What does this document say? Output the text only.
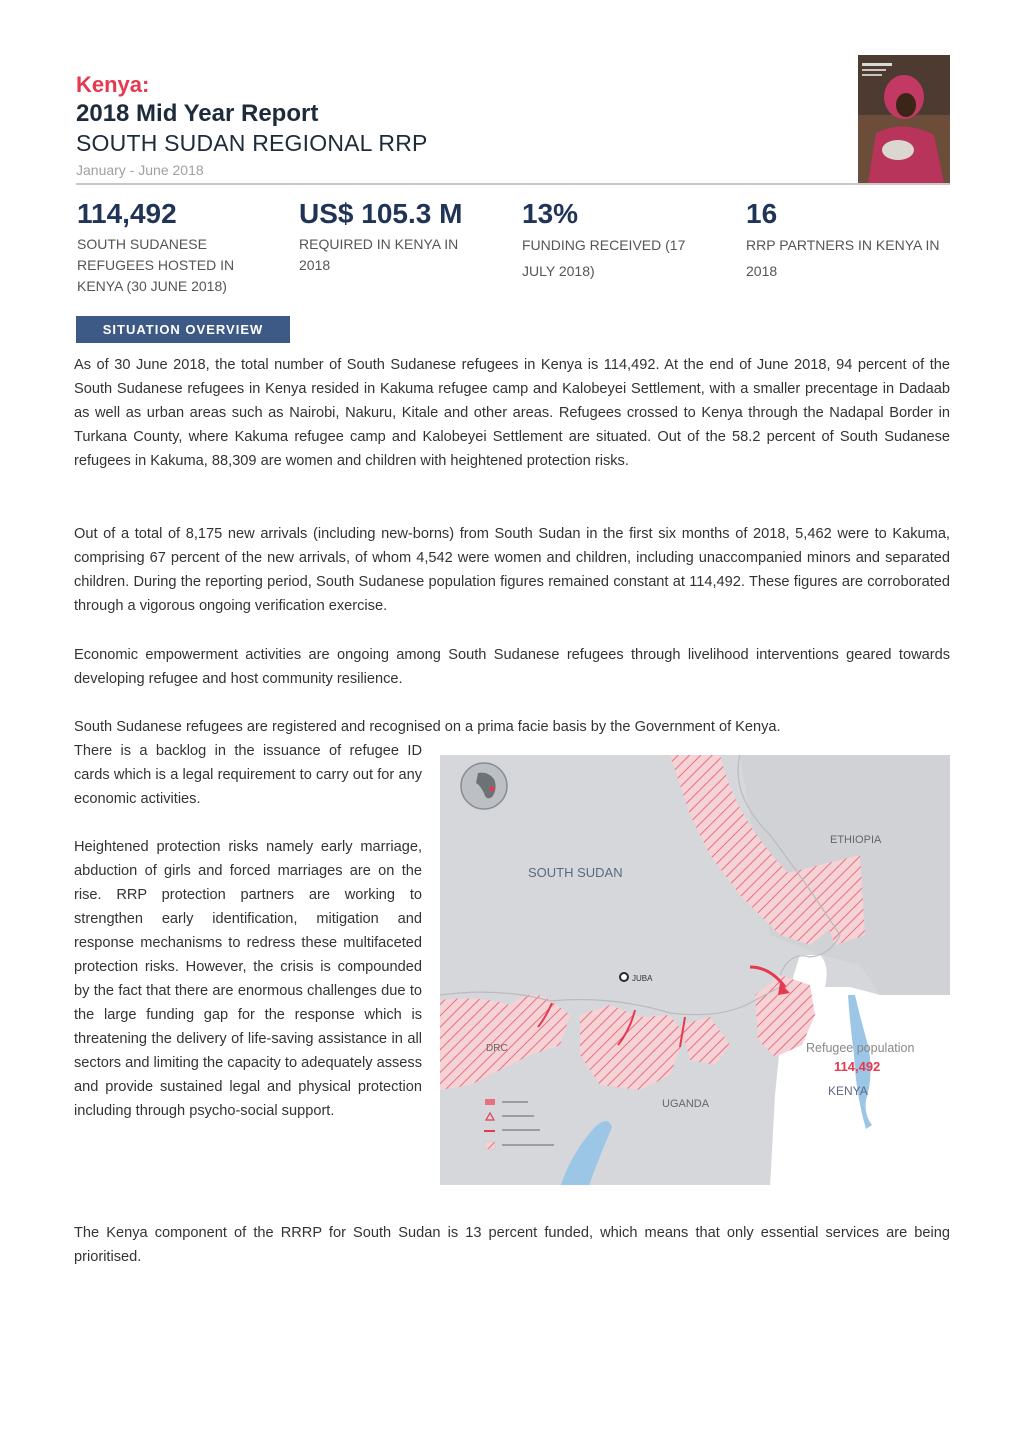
Kenya:
2018 Mid Year Report
SOUTH SUDAN REGIONAL RRP
January - June 2018
114,492
SOUTH SUDANESE REFUGEES HOSTED IN KENYA (30 JUNE 2018)
US$ 105.3 M
REQUIRED IN KENYA IN 2018
13%
FUNDING RECEIVED (17 JULY 2018)
16
RRP PARTNERS IN KENYA IN 2018
SITUATION OVERVIEW

As of 30 June 2018, the total number of South Sudanese refugees in Kenya is 114,492. At the end of June 2018, 94 percent of the South Sudanese refugees in Kenya resided in Kakuma refugee camp and Kalobeyei Settlement, with a smaller precentage in Dadaab as well as urban areas such as Nairobi, Nakuru, Kitale and other areas. Refugees crossed to Kenya through the Nadapal Border in Turkana County, where Kakuma refugee camp and Kalobeyei Settlement are situated. Out of the 58.2 percent of South Sudanese refugees in Kakuma, 88,309 are women and children with heightened protection risks.

Out of a total of 8,175 new arrivals (including new-borns) from South Sudan in the first six months of 2018, 5,462 were to Kakuma, comprising 67 percent of the new arrivals, of whom 4,542 were women and children, including unaccompanied minors and separated children. During the reporting period, South Sudanese population figures remained constant at 114,492. These figures are corroborated through a vigorous ongoing verification exercise.

Economic empowerment activities are ongoing among South Sudanese refugees through livelihood interventions geared towards developing refugee and host community resilience.

South Sudanese refugees are registered and recognised on a prima facie basis by the Government of Kenya.

There is a backlog in the issuance of refugee ID cards which is a legal requirement to carry out for any economic activities.

Heightened protection risks namely early marriage, abduction of girls and forced marriages are on the rise. RRP protection partners are working to strengthen early identification, mitigation and response mechanisms to redress these multifaceted protection risks. However, the crisis is compounded by the fact that there are enormous challenges due to the large funding gap for the response which is threatening the delivery of life-saving assistance in all sectors and limiting the capacity to adequately assess and provide sustained legal and physical protection including through psycho-social support.

The Kenya component of the RRRP for South Sudan is 13 percent funded, which means that only essential services are being prioritised.

JUBA
ETHIOPIA
SOUTH SUDAN
DRC
UGANDA
KENYA
Refugee population
114,492
